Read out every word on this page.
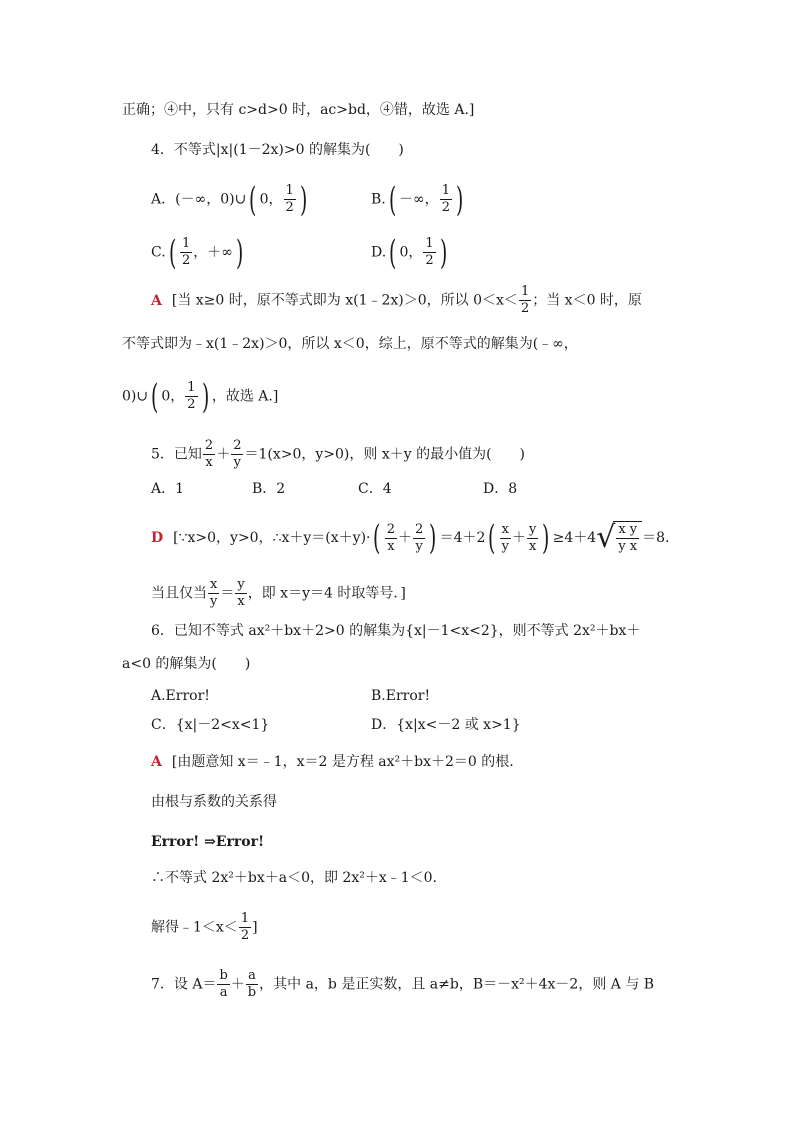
正确；④中，只有 c>d>0 时，ac>bd，④错，故选 A.]
4．不等式|x|(1－2x)>0 的解集为(　　)
A．(－∞，0)∪( 0， $\frac{1}{2}$ )	B.( －∞， $\frac{1}{2}$ )
$C.( \frac{1}{2}$ ，＋∞)	D.( 0， $\frac{1}{2}$ )
A [当 x≥0 时，原不等式即为 x(1﹣2x)＞0，所以 $0<x< \frac{1}{2}$ ；当 x＜0 时，原
不等式即为﹣x(1﹣2x)＞0，所以 x＜0，综上，原不等式的解集为(﹣∞，
0)∪( 0， $\frac{1}{2}$ ) ，故选 A.]
5．已知 $\frac{2}{x} + \frac{2}{y} =1(x>0$，y>0)，则 x＋y 的最小值为(　　)
A．1	B．2	C．4	D．8
D [∵x>0，y>0，∴x＋y＝(x＋y)·( $\frac{2}{x} + \frac{2}{y}$ ) $=4+2( \frac{x}{y} + \frac{y}{x}$ ) $\ge 4+4√ \frac{\text{x y}}{\text{y x}} =8$.
当且仅当 $\frac{x}{y} = \frac{y}{x}$ ，即 x＝y＝4 时取等号．]
6．已知不等式 ax²＋bx＋2>0 的解集为{x|－1<x<2}，则不等式 2x²＋bx＋
a<0 的解集为(　　)
A.Error!	B.Error!
C．{x|－2<x<1}	D．{x|x<－2 或 x>1}
A [由题意知 x＝﹣1，x＝2 是方程 ax²＋bx＋2＝0 的根.
由根与系数的关系得
Error! ⇒Error!
∴不等式 2x²＋bx＋a＜0，即 2x²＋x﹣1＜0.
解得﹣1＜x＜ $\frac{1}{2}$ ]
7．设 $A= \frac{b}{a} + \frac{a}{b}$ ，其中 a，b 是正实数，且 a≠b，B＝－x²＋4x－2，则 A 与 B
